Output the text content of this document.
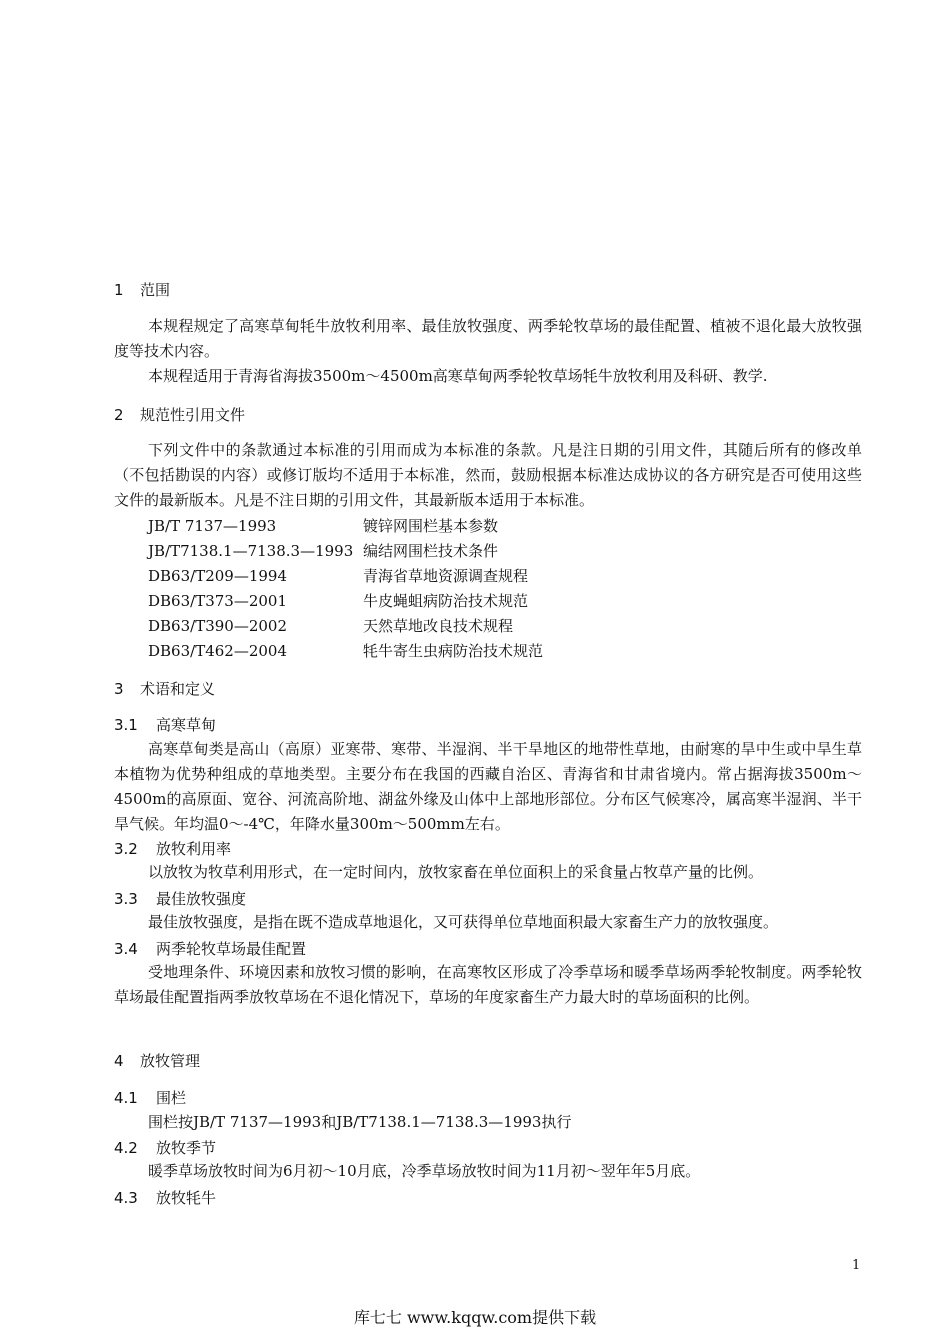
1 范围

本规程规定了高寒草甸牦牛放牧利用率、最佳放牧强度、两季轮牧草场的最佳配置、植被不退化最大放牧强度等技术内容。

本规程适用于青海省海拔3500m～4500m高寒草甸两季轮牧草场牦牛放牧利用及科研、教学.

2 规范性引用文件

下列文件中的条款通过本标准的引用而成为本标准的条款。凡是注日期的引用文件，其随后所有的修改单（不包括勘误的内容）或修订版均不适用于本标准，然而，鼓励根据本标准达成协议的各方研究是否可使用这些文件的最新版本。凡是不注日期的引用文件，其最新版本适用于本标准。

JB/T 7137—1993	镀锌网围栏基本参数
JB/T7138.1—7138.3—1993 编结网围栏技术条件
DB63/T209—1994	青海省草地资源调查规程
DB63/T373—2001	牛皮蝇蛆病防治技术规范
DB63/T390—2002	天然草地改良技术规程
DB63/T462—2004	牦牛寄生虫病防治技术规范
3 术语和定义
3.1 高寒草甸

高寒草甸类是高山（高原）亚寒带、寒带、半湿润、半干旱地区的地带性草地，由耐寒的旱中生或中旱生草本植物为优势种组成的草地类型。主要分布在我国的西藏自治区、青海省和甘肃省境内。常占据海拔3500m～4500m的高原面、宽谷、河流高阶地、湖盆外缘及山体中上部地形部位。分布区气候寒冷，属高寒半湿润、半干旱气候。年均温0～-4℃，年降水量300m～500mm左右。

3.2 放牧利用率

以放牧为牧草利用形式，在一定时间内，放牧家畜在单位面积上的采食量占牧草产量的比例。

3.3 最佳放牧强度

最佳放牧强度，是指在既不造成草地退化，又可获得单位草地面积最大家畜生产力的放牧强度。

3.4 两季轮牧草场最佳配置

受地理条件、环境因素和放牧习惯的影响，在高寒牧区形成了冷季草场和暖季草场两季轮牧制度。两季轮牧草场最佳配置指两季放牧草场在不退化情况下，草场的年度家畜生产力最大时的草场面积的比例。

4 放牧管理
4.1 围栏
围栏按JB/T 7137—1993和JB/T7138.1—7138.3—1993执行
4.2 放牧季节
暖季草场放牧时间为6月初～10月底，冷季草场放牧时间为11月初～翌年年5月底。
4.3 放牧牦牛
1
库七七 www.kqqw.com提供下载
